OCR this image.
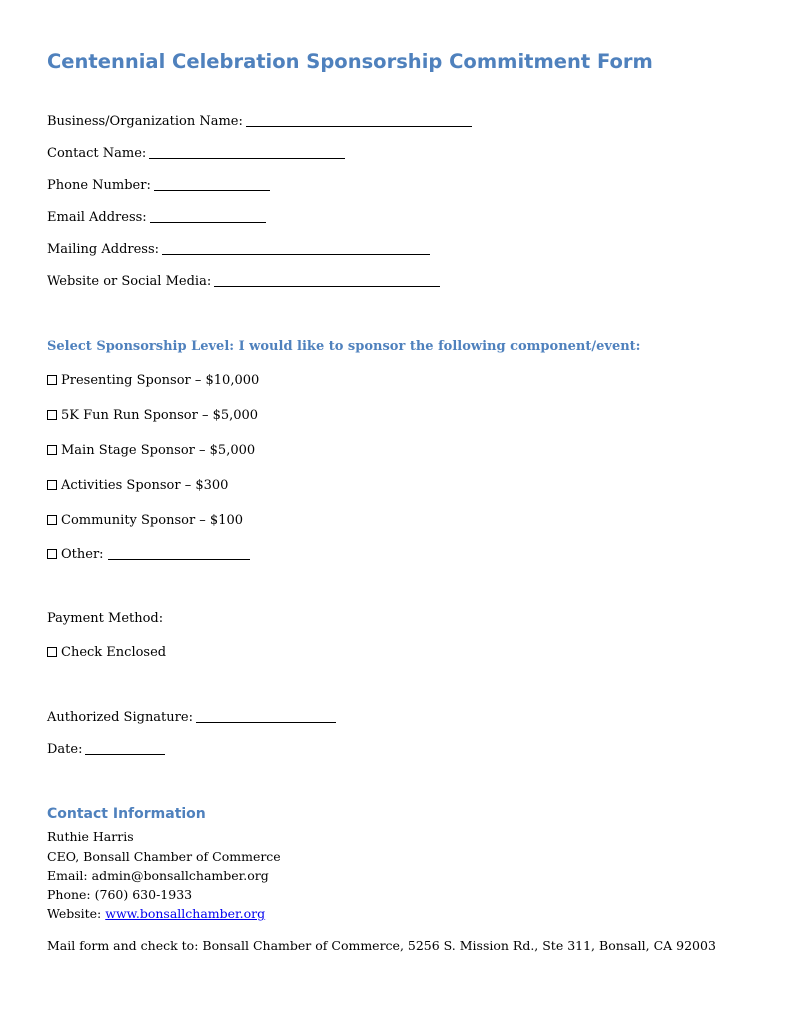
Centennial Celebration Sponsorship Commitment Form
Business/Organization Name:
Contact Name:
Phone Number:
Email Address:
Mailing Address:
Website or Social Media:
Select Sponsorship Level: I would like to sponsor the following component/event:
Presenting Sponsor – $10,000
5K Fun Run Sponsor – $5,000
Main Stage Sponsor – $5,000
Activities Sponsor – $300
Community Sponsor – $100
Other:
Payment Method:
Check Enclosed
Authorized Signature:
Date:
Contact Information
Ruthie Harris
CEO, Bonsall Chamber of Commerce
Email: admin@bonsallchamber.org
Phone: (760) 630-1933
Website: www.bonsallchamber.org
Mail form and check to: Bonsall Chamber of Commerce, 5256 S. Mission Rd., Ste 311, Bonsall, CA 92003
